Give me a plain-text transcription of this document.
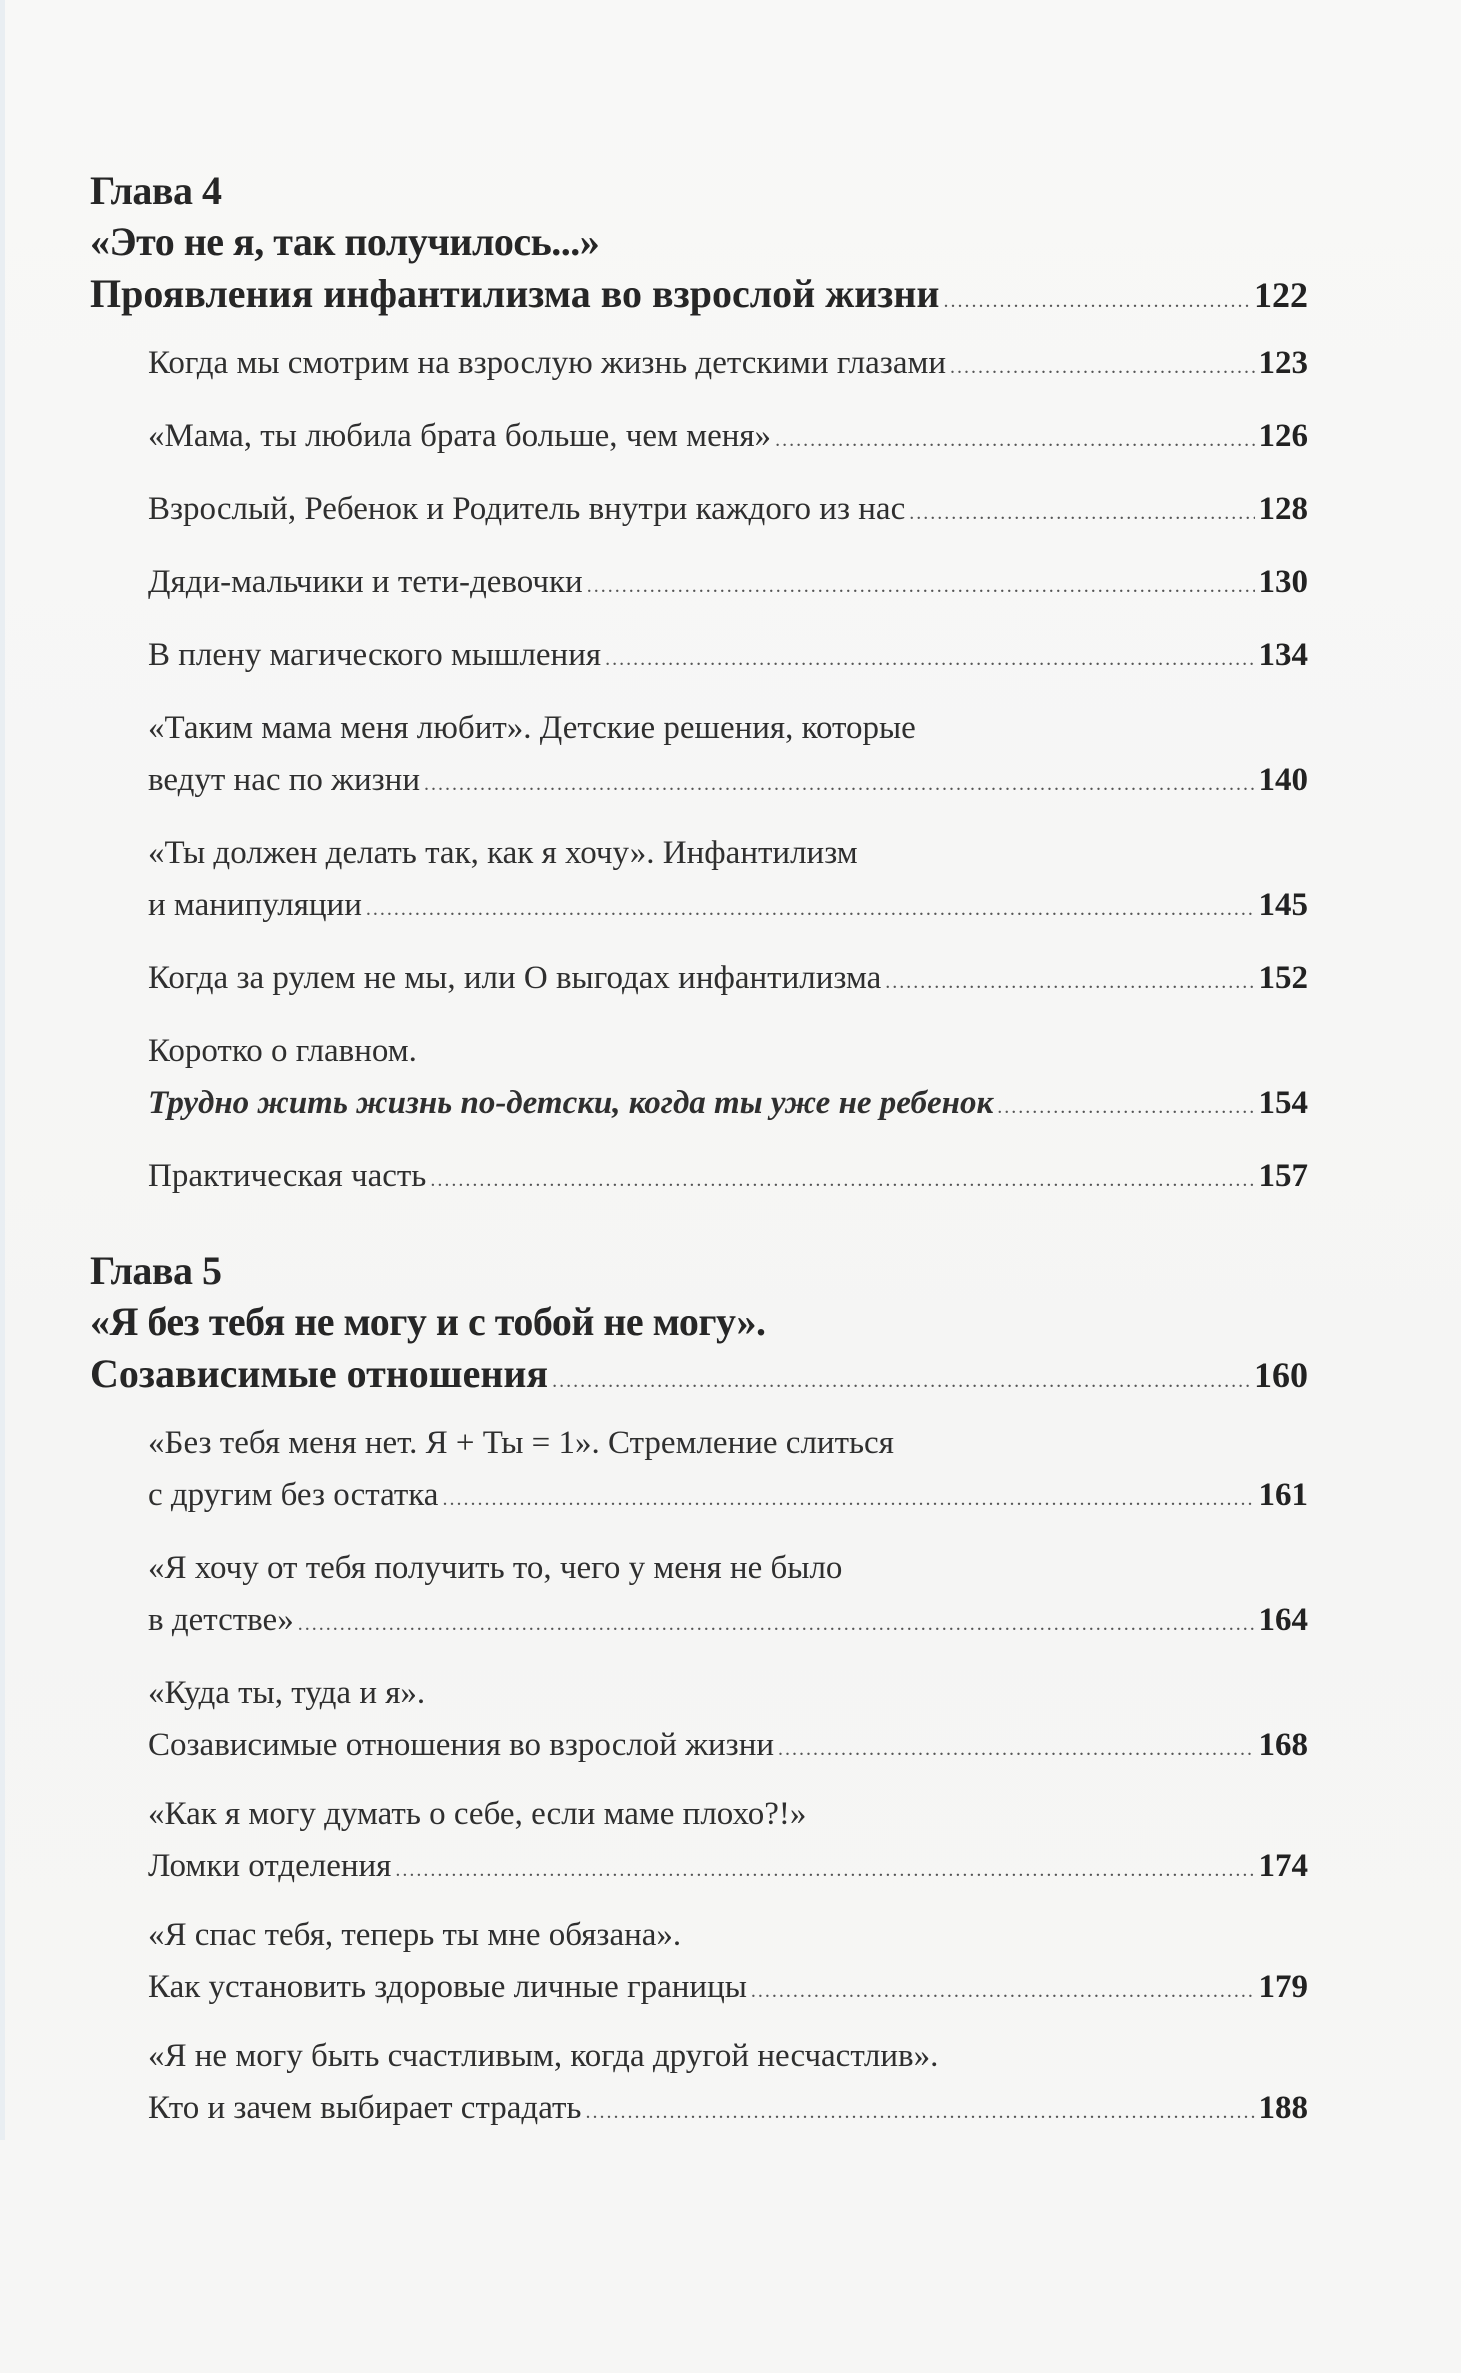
Глава 4
«Это не я, так получилось...»
Проявления инфантилизма во взрослой жизни .....	122
Когда мы смотрим на взрослую жизнь детскими глазами .....	123
«Мама, ты любила брата больше, чем меня» .....	126
Взрослый, Ребенок и Родитель внутри каждого из нас .....	128
Дяди-мальчики и тети-девочки .....	130
В плену магического мышления .....	134
«Таким мама меня любит». Детские решения, которые
ведут нас по жизни .....	140
«Ты должен делать так, как я хочу». Инфантилизм
и манипуляции .....	145
Когда за рулем не мы, или О выгодах инфантилизма .....	152
Коротко о главном.
Трудно жить жизнь по-детски, когда ты уже не ребенок .....	154
Практическая часть .....	157
Глава 5
«Я без тебя не могу и с тобой не могу».
Созависимые отношения .....	160
«Без тебя меня нет. Я + Ты = 1». Стремление слиться
с другим без остатка .....	161
«Я хочу от тебя получить то, чего у меня не было
в детстве» .....	164
«Куда ты, туда и я».
Созависимые отношения во взрослой жизни .....	168
«Как я могу думать о себе, если маме плохо?!»
Ломки отделения .....	174
«Я спас тебя, теперь ты мне обязана».
Как установить здоровые личные границы .....	179
«Я не могу быть счастливым, когда другой несчастлив».
Кто и зачем выбирает страдать .....	188
